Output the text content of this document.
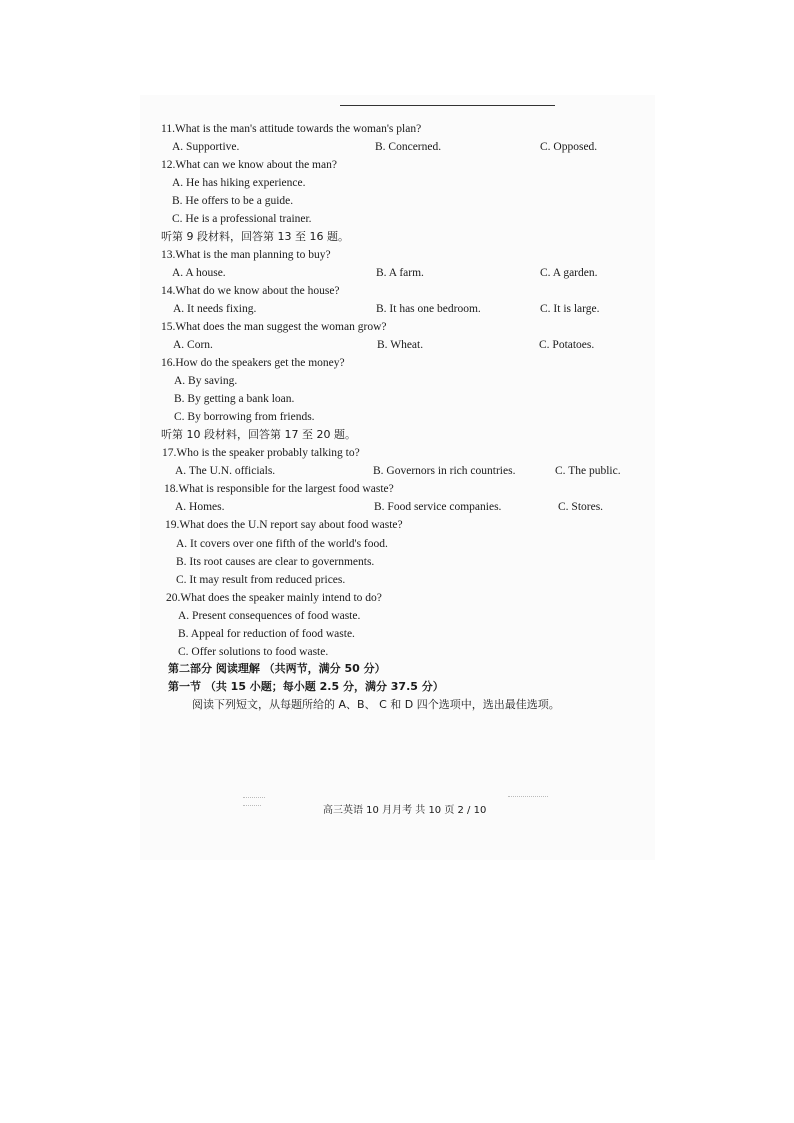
11.What is the man's attitude towards the woman's plan?
A. Supportive.	B. Concerned.	C. Opposed.
12.What can we know about the man?
A. He has hiking experience.
B. He offers to be a guide.
C. He is a professional trainer.
听第 9 段材料，回答第 13 至 16 题。
13.What is the man planning to buy?
A. A house.	B. A farm.	C. A garden.
14.What do we know about the house?
A. It needs fixing.	B. It has one bedroom.	C. It is large.
15.What does the man suggest the woman grow?
A. Corn.	B. Wheat.	C. Potatoes.
16.How do the speakers get the money?
A. By saving.
B. By getting a bank loan.
C. By borrowing from friends.
听第 10 段材料，回答第 17 至 20 题。
17.Who is the speaker probably talking to?
A. The U.N. officials.	B. Governors in rich countries.	C. The public.
18.What is responsible for the largest food waste?
A. Homes.	B. Food service companies.	C. Stores.
19.What does the U.N report say about food waste?
A. It covers over one fifth of the world's food.
B. Its root causes are clear to governments.
C. It may result from reduced prices.
20.What does the speaker mainly intend to do?
A. Present consequences of food waste.
B. Appeal for reduction of food waste.
C. Offer solutions to food waste.
第二部分 阅读理解 （共两节，满分 50 分）
第一节 （共 15 小题；每小题 2.5 分，满分 37.5 分）
阅读下列短文，从每题所给的 A、B、 C 和 D 四个选项中，选出最佳选项。
高三英语 10 月月考 共 10 页 2 / 10
